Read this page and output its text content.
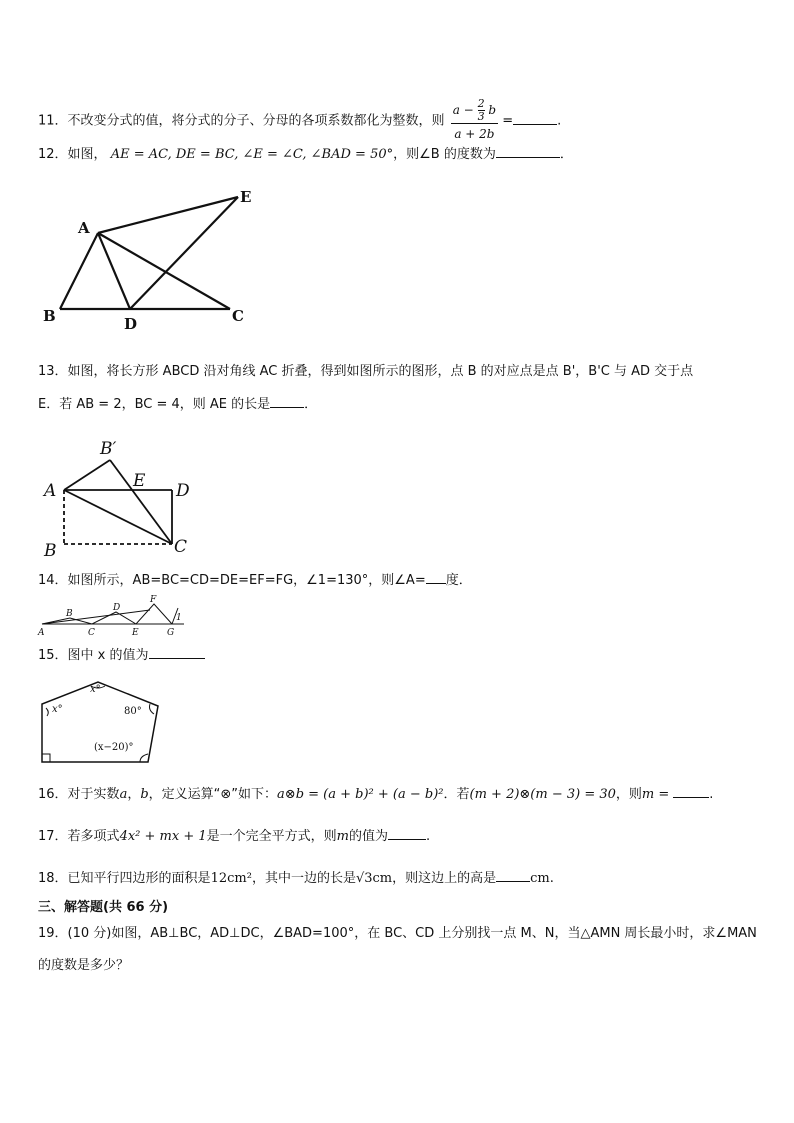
11．不改变分式的值，将分式的分子、分母的各项系数都化为整数，则 $\frac{a - \frac{2}{3} b}{a + 2b}$ =	.
12．如图， AE = AC, DE = BC, ∠E = ∠C, ∠BAD = 50°，则∠B 的度数为	．
A
B	D	C
E
13．如图，将长方形 ABCD 沿对角线 AC 折叠，得到如图所示的图形，点 B 的对应点是点 B'，B'C 与 AD 交于点
E．若 AB = 2，BC = 4，则 AE 的长是	．
A
B′
E D
B	C
14．如图所示，AB=BC=CD=DE=EF=FG，∠1=130°，则∠A= 度．
A
B
C
D
E
F
G
1
15．图中 x 的值为
x°
x°	80°
(x−20)°
16．对于实数a，b，定义运算“⊗”如下：a⊗b = (a + b)² + (a − b)²．若(m + 2)⊗(m − 3) = 30，则m =	.
17．若多项式4x² + mx + 1是一个完全平方式，则m的值为	.
18．已知平行四边形的面积是12cm²，其中一边的长是√3cm，则这边上的高是	cm.
三、解答题(共 66 分)
19．(10 分)如图，AB⊥BC，AD⊥DC，∠BAD=100°，在 BC、CD 上分别找一点 M、N，当△AMN 周长最小时，求∠MAN
的度数是多少？
